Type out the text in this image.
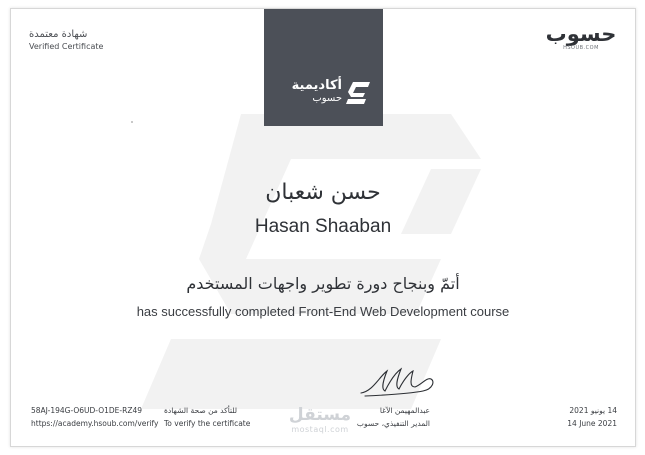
حسوب
HSOUB.COM
شهادة معتمدة
Verified Certificate
أكاديمية
حسوب
حسن شعبان
Hasan Shaaban
أتمّ وبنجاح دورة تطوير واجهات المستخدم
has successfully completed Front-End Web Development course
58AJ-194G-O6UD-O1DE-RZ49
https://academy.hsoub.com/verify
للتأكد من صحة الشهادة
To verify the certificate مستقل
mostaql.com
عبدالمهيمن الآغا
المدير التنفيذي، حسوب
14 يونيو 2021
14 June 2021
